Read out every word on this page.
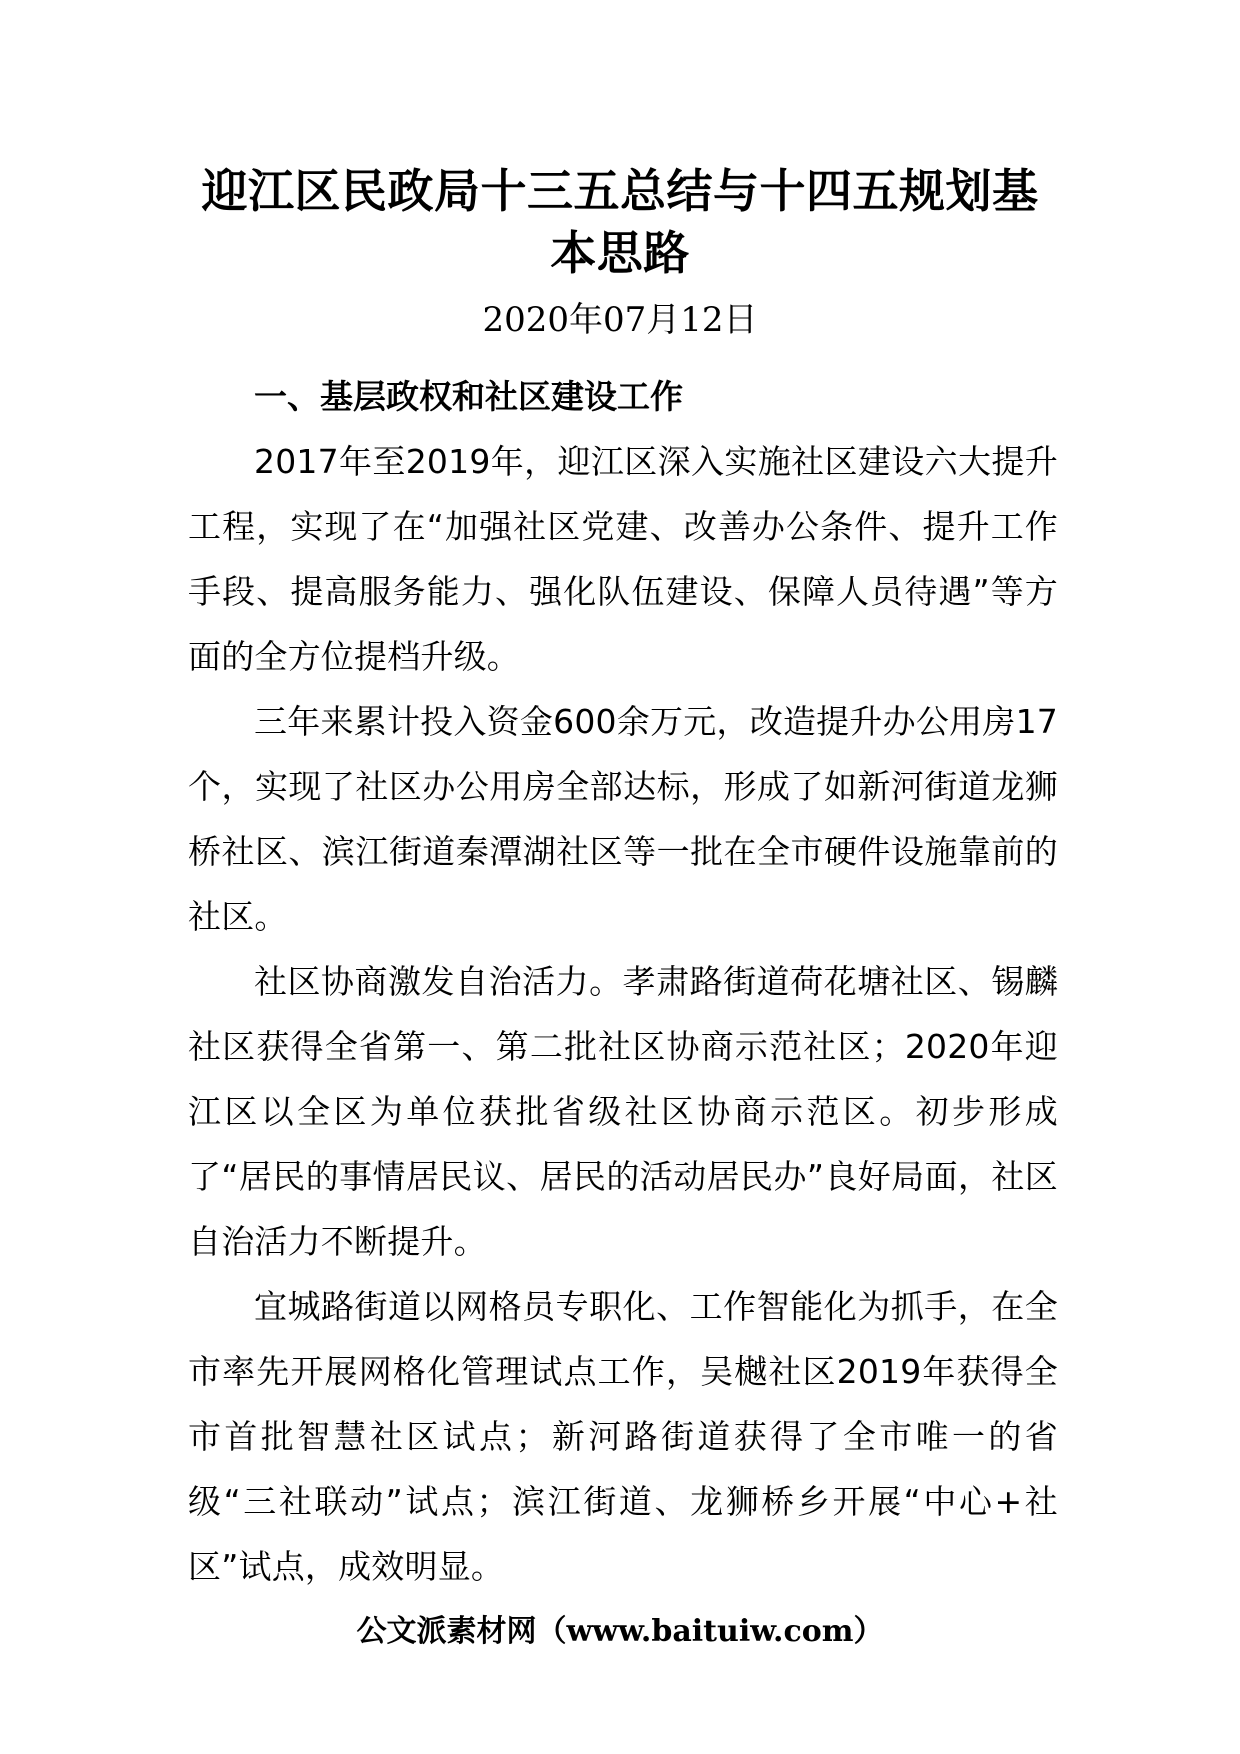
迎江区民政局十三五总结与十四五规划基本思路
2020年07月12日
一、基层政权和社区建设工作

2017年至2019年，迎江区深入实施社区建设六大提升工程，实现了在“加强社区党建、改善办公条件、提升工作手段、提高服务能力、强化队伍建设、保障人员待遇”等方面的全方位提档升级。

三年来累计投入资金600余万元，改造提升办公用房17个，实现了社区办公用房全部达标，形成了如新河街道龙狮桥社区、滨江街道秦潭湖社区等一批在全市硬件设施靠前的社区。

社区协商激发自治活力。孝肃路街道荷花塘社区、锡麟社区获得全省第一、第二批社区协商示范社区；2020年迎江区以全区为单位获批省级社区协商示范区。初步形成了“居民的事情居民议、居民的活动居民办”良好局面，社区自治活力不断提升。

宜城路街道以网格员专职化、工作智能化为抓手，在全市率先开展网格化管理试点工作，吴樾社区2019年获得全市首批智慧社区试点；新河路街道获得了全市唯一的省级“三社联动”试点；滨江街道、龙狮桥乡开展“中心+社区”试点，成效明显。

公文派素材网（www.baituiw.com）
